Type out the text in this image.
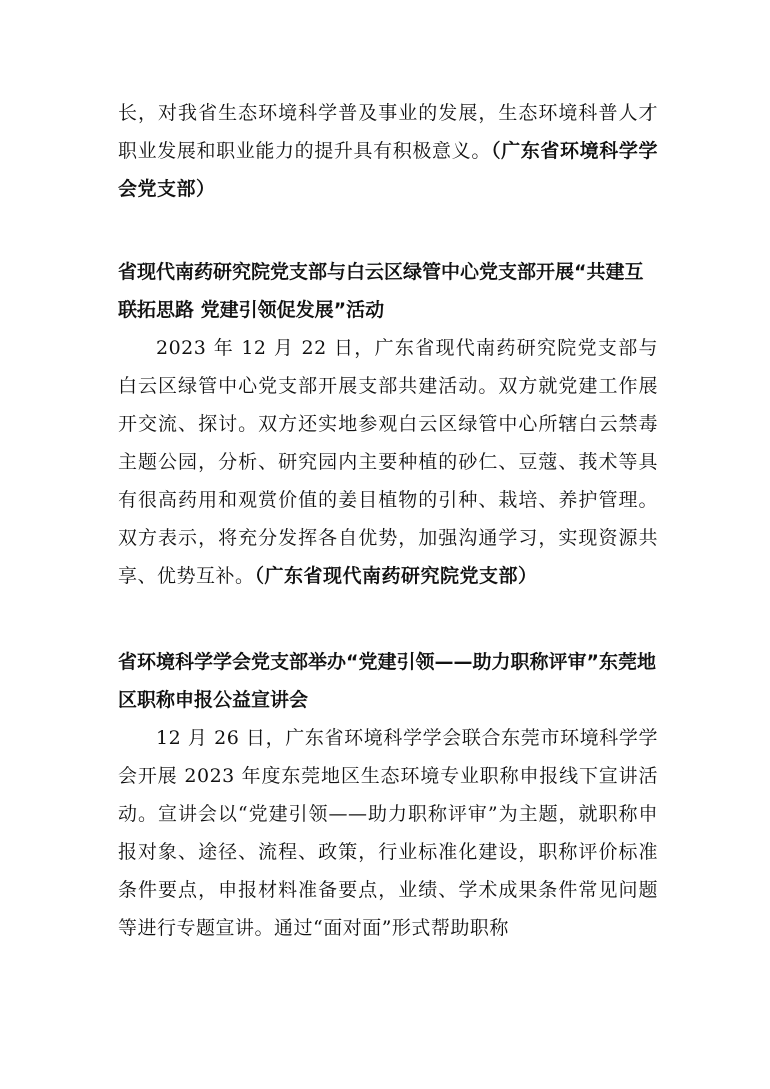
长，对我省生态环境科学普及事业的发展，生态环境科普人才职业发展和职业能力的提升具有积极意义。（广东省环境科学学会党支部）

省现代南药研究院党支部与白云区绿管中心党支部开展“共建互联拓思路 党建引领促发展”活动

2023 年 12 月 22 日，广东省现代南药研究院党支部与白云区绿管中心党支部开展支部共建活动。双方就党建工作展开交流、探讨。双方还实地参观白云区绿管中心所辖白云禁毒主题公园，分析、研究园内主要种植的砂仁、豆蔻、莪术等具有很高药用和观赏价值的姜目植物的引种、栽培、养护管理。双方表示，将充分发挥各自优势，加强沟通学习，实现资源共享、优势互补。（广东省现代南药研究院党支部）

省环境科学学会党支部举办“党建引领——助力职称评审”东莞地区职称申报公益宣讲会

12 月 26 日，广东省环境科学学会联合东莞市环境科学学会开展 2023 年度东莞地区生态环境专业职称申报线下宣讲活动。宣讲会以“党建引领——助力职称评审”为主题，就职称申报对象、途径、流程、政策，行业标准化建设，职称评价标准条件要点，申报材料准备要点，业绩、学术成果条件常见问题等进行专题宣讲。通过“面对面”形式帮助职称
